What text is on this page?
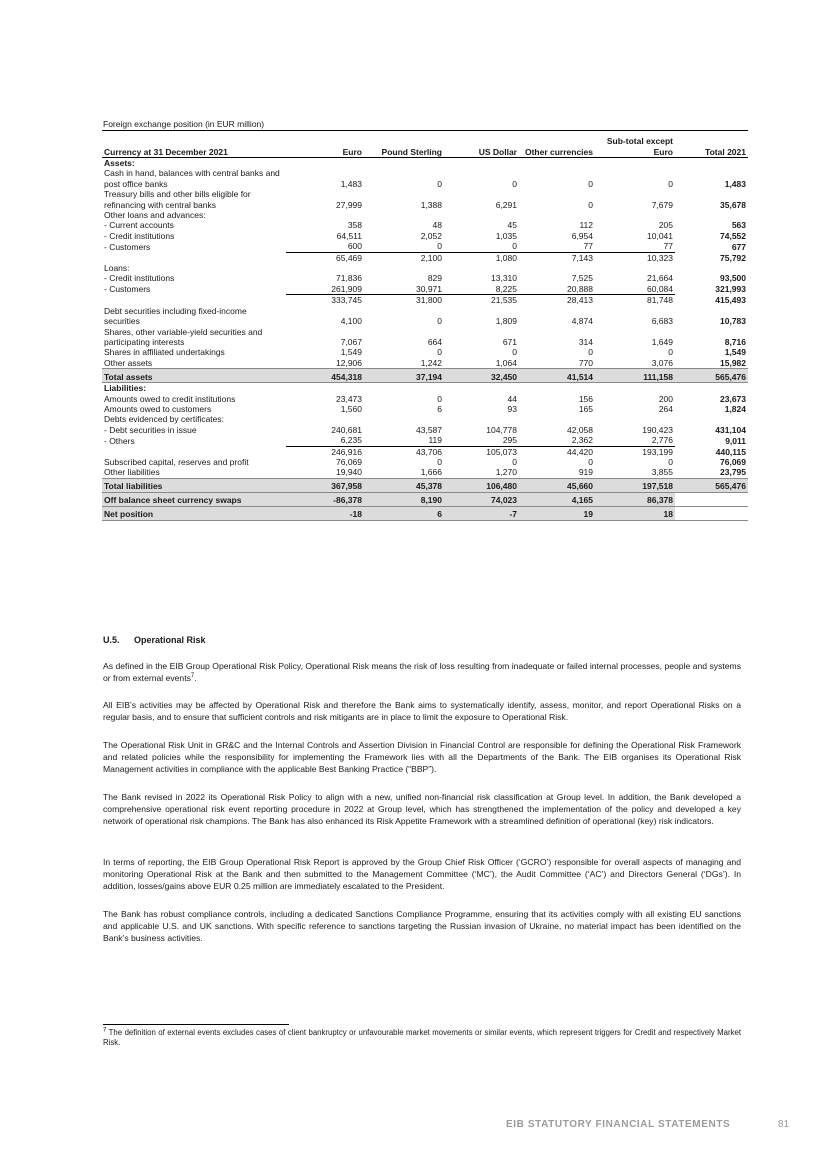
Foreign exchange position (in EUR million)
Currency at 31 December 2021	Euro	Pound Sterling	US Dollar	Other currencies	Sub-total except Euro	Total 2021
Assets:						
Cash in hand, balances with central banks and post office banks	1,483	0	0	0	0	1,483
Treasury bills and other bills eligible for refinancing with central banks	27,999	1,388	6,291	0	7,679	35,678
Other loans and advances:						
- Current accounts	358	48	45	112	205	563
- Credit institutions	64,511	2,052	1,035	6,954	10,041	74,552
- Customers	600	0	0	77	77	677
	65,469	2,100	1,080	7,143	10,323	75,792
Loans:						
- Credit institutions	71,836	829	13,310	7,525	21,664	93,500
- Customers	261,909	30,971	8,225	20,888	60,084	321,993
	333,745	31,800	21,535	28,413	81,748	415,493
Debt securities including fixed-income securities	4,100	0	1,809	4,874	6,683	10,783
Shares, other variable-yield securities and participating interests	7,067	664	671	314	1,649	8,716
Shares in affiliated undertakings	1,549	0	0	0	0	1,549
Other assets	12,906	1,242	1,064	770	3,076	15,982
Total assets	454,318	37,194	32,450	41,514	111,158	565,476
Liabilities:						
Amounts owed to credit institutions	23,473	0	44	156	200	23,673
Amounts owed to customers	1,560	6	93	165	264	1,824
Debts evidenced by certificates:						
- Debt securities in issue	240,681	43,587	104,778	42,058	190,423	431,104
- Others	6,235	119	295	2,362	2,776	9,011
	246,916	43,706	105,073	44,420	193,199	440,115
Subscribed capital, reserves and profit	76,069	0	0	0	0	76,069
Other liabilities	19,940	1,666	1,270	919	3,855	23,795
Total liabilities	367,958	45,378	106,480	45,660	197,518	565,476
Off balance sheet currency swaps	-86,378	8,190	74,023	4,165	86,378	
Net position	-18	6	-7	19	18	
U.5. Operational Risk

As defined in the EIB Group Operational Risk Policy, Operational Risk means the risk of loss resulting from inadequate or failed internal processes, people and systems or from external events$^7$.

All EIB’s activities may be affected by Operational Risk and therefore the Bank aims to systematically identify, assess, monitor, and report Operational Risks on a regular basis, and to ensure that sufficient controls and risk mitigants are in place to limit the exposure to Operational Risk.

The Operational Risk Unit in GR&C and the Internal Controls and Assertion Division in Financial Control are responsible for defining the Operational Risk Framework and related policies while the responsibility for implementing the Framework lies with all the Departments of the Bank. The EIB organises its Operational Risk Management activities in compliance with the applicable Best Banking Practice (“BBP”).

The Bank revised in 2022 its Operational Risk Policy to align with a new, unified non-financial risk classification at Group level. In addition, the Bank developed a comprehensive operational risk event reporting procedure in 2022 at Group level, which has strengthened the implementation of the policy and developed a key network of operational risk champions. The Bank has also enhanced its Risk Appetite Framework with a streamlined definition of operational (key) risk indicators.

In terms of reporting, the EIB Group Operational Risk Report is approved by the Group Chief Risk Officer (‘GCRO’) responsible for overall aspects of managing and monitoring Operational Risk at the Bank and then submitted to the Management Committee (‘MC’), the Audit Committee (‘AC’) and Directors General (‘DGs’). In addition, losses/gains above EUR 0.25 million are immediately escalated to the President.

The Bank has robust compliance controls, including a dedicated Sanctions Compliance Programme, ensuring that its activities comply with all existing EU sanctions and applicable U.S. and UK sanctions. With specific reference to sanctions targeting the Russian invasion of Ukraine, no material impact has been identified on the Bank’s business activities.

$^7$ The definition of external events excludes cases of client bankruptcy or unfavourable market movements or similar events, which represent triggers for Credit and respectively Market Risk.

EIB STATUTORY FINANCIAL STATEMENTS	81
